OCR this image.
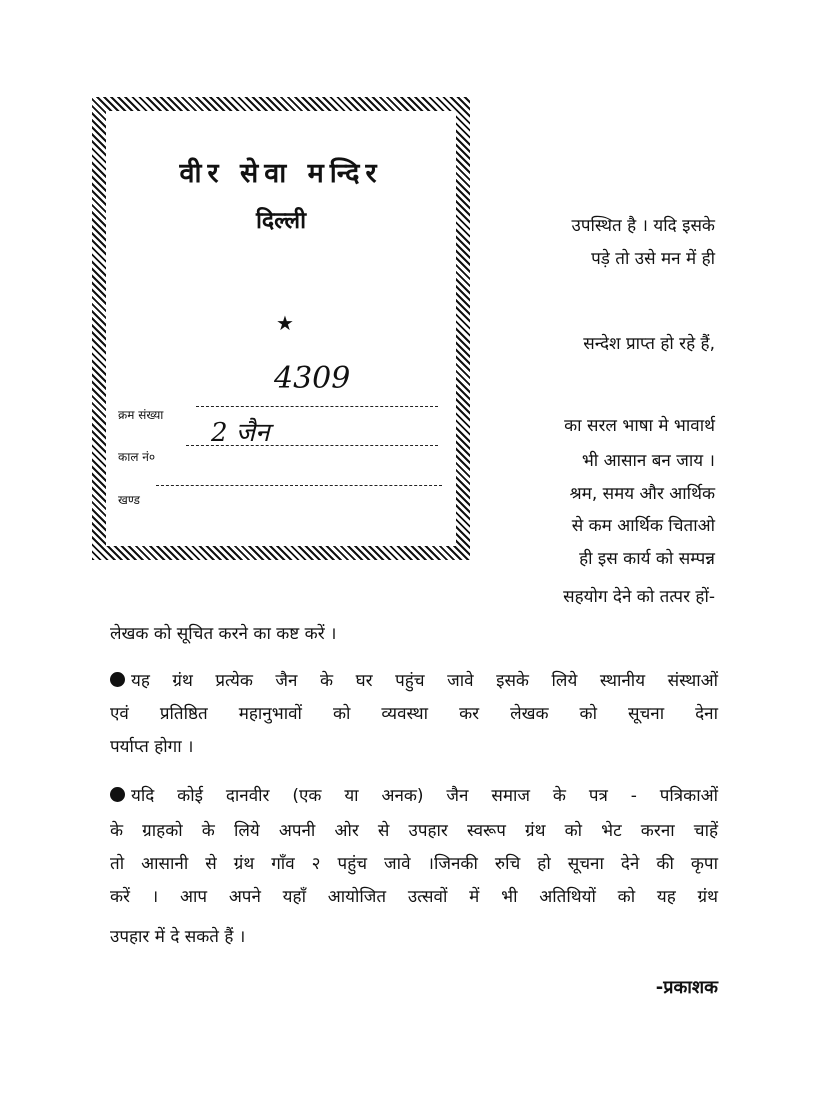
वीर सेवा मन्दिर
दिल्ली
★
4309
क्रम संख्या
2 जैन
काल नं०
खण्ड
उपस्थित है । यदि इसके
पड़े तो उसे मन में ही
सन्देश प्राप्त हो रहे हैं,
का सरल भाषा मे भावार्थ
भी आसान बन जाय ।
श्रम, समय और आर्थिक
से कम आर्थिक चिताओ
ही इस कार्य को सम्पन्न
सहयोग देने को तत्पर हों-
लेखक को सूचित करने का कष्ट करें ।
यह ग्रंथ प्रत्येक जैन के घर पहुंच जावे इसके लिये स्थानीय संस्थाओं
एवं प्रतिष्ठित महानुभावों को व्यवस्था कर लेखक को सूचना देना
पर्याप्त होगा ।
यदि कोई दानवीर (एक या अनक) जैन समाज के पत्र - पत्रिकाओं
के ग्राहको के लिये अपनी ओर से उपहार स्वरूप ग्रंथ को भेट करना चाहें
तो आसानी से ग्रंथ गाँव २ पहुंच जावे ।जिनकी रुचि हो सूचना देने की कृपा
करें । आप अपने यहाँ आयोजित उत्सवों में भी अतिथियों को यह ग्रंथ
उपहार में दे सकते हैं ।
-प्रकाशक
